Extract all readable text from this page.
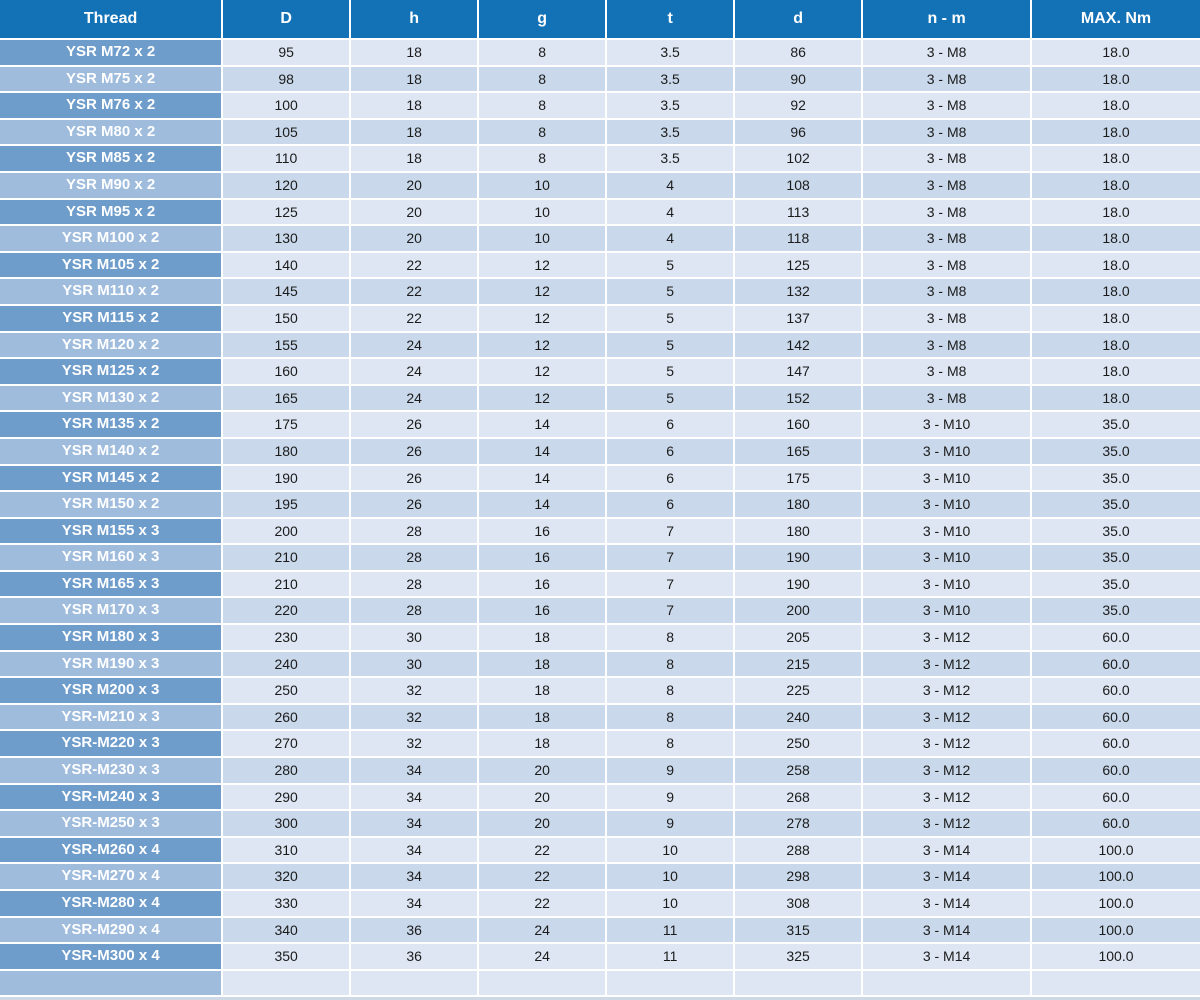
Thread	D	h	g	t	d	n - m	MAX. Nm
YSR M72 x 2	95	18	8	3.5	86	3 - M8	18.0
YSR M75 x 2	98	18	8	3.5	90	3 - M8	18.0
YSR M76 x 2	100	18	8	3.5	92	3 - M8	18.0
YSR M80 x 2	105	18	8	3.5	96	3 - M8	18.0
YSR M85 x 2	110	18	8	3.5	102	3 - M8	18.0
YSR M90 x 2	120	20	10	4	108	3 - M8	18.0
YSR M95 x 2	125	20	10	4	113	3 - M8	18.0
YSR M100 x 2	130	20	10	4	118	3 - M8	18.0
YSR M105 x 2	140	22	12	5	125	3 - M8	18.0
YSR M110 x 2	145	22	12	5	132	3 - M8	18.0
YSR M115 x 2	150	22	12	5	137	3 - M8	18.0
YSR M120 x 2	155	24	12	5	142	3 - M8	18.0
YSR M125 x 2	160	24	12	5	147	3 - M8	18.0
YSR M130 x 2	165	24	12	5	152	3 - M8	18.0
YSR M135 x 2	175	26	14	6	160	3 - M10	35.0
YSR M140 x 2	180	26	14	6	165	3 - M10	35.0
YSR M145 x 2	190	26	14	6	175	3 - M10	35.0
YSR M150 x 2	195	26	14	6	180	3 - M10	35.0
YSR M155 x 3	200	28	16	7	180	3 - M10	35.0
YSR M160 x 3	210	28	16	7	190	3 - M10	35.0
YSR M165 x 3	210	28	16	7	190	3 - M10	35.0
YSR M170 x 3	220	28	16	7	200	3 - M10	35.0
YSR M180 x 3	230	30	18	8	205	3 - M12	60.0
YSR M190 x 3	240	30	18	8	215	3 - M12	60.0
YSR M200 x 3	250	32	18	8	225	3 - M12	60.0
YSR-M210 x 3	260	32	18	8	240	3 - M12	60.0
YSR-M220 x 3	270	32	18	8	250	3 - M12	60.0
YSR-M230 x 3	280	34	20	9	258	3 - M12	60.0
YSR-M240 x 3	290	34	20	9	268	3 - M12	60.0
YSR-M250 x 3	300	34	20	9	278	3 - M12	60.0
YSR-M260 x 4	310	34	22	10	288	3 - M14	100.0
YSR-M270 x 4	320	34	22	10	298	3 - M14	100.0
YSR-M280 x 4	330	34	22	10	308	3 - M14	100.0
YSR-M290 x 4	340	36	24	11	315	3 - M14	100.0
YSR-M300 x 4	350	36	24	11	325	3 - M14	100.0
